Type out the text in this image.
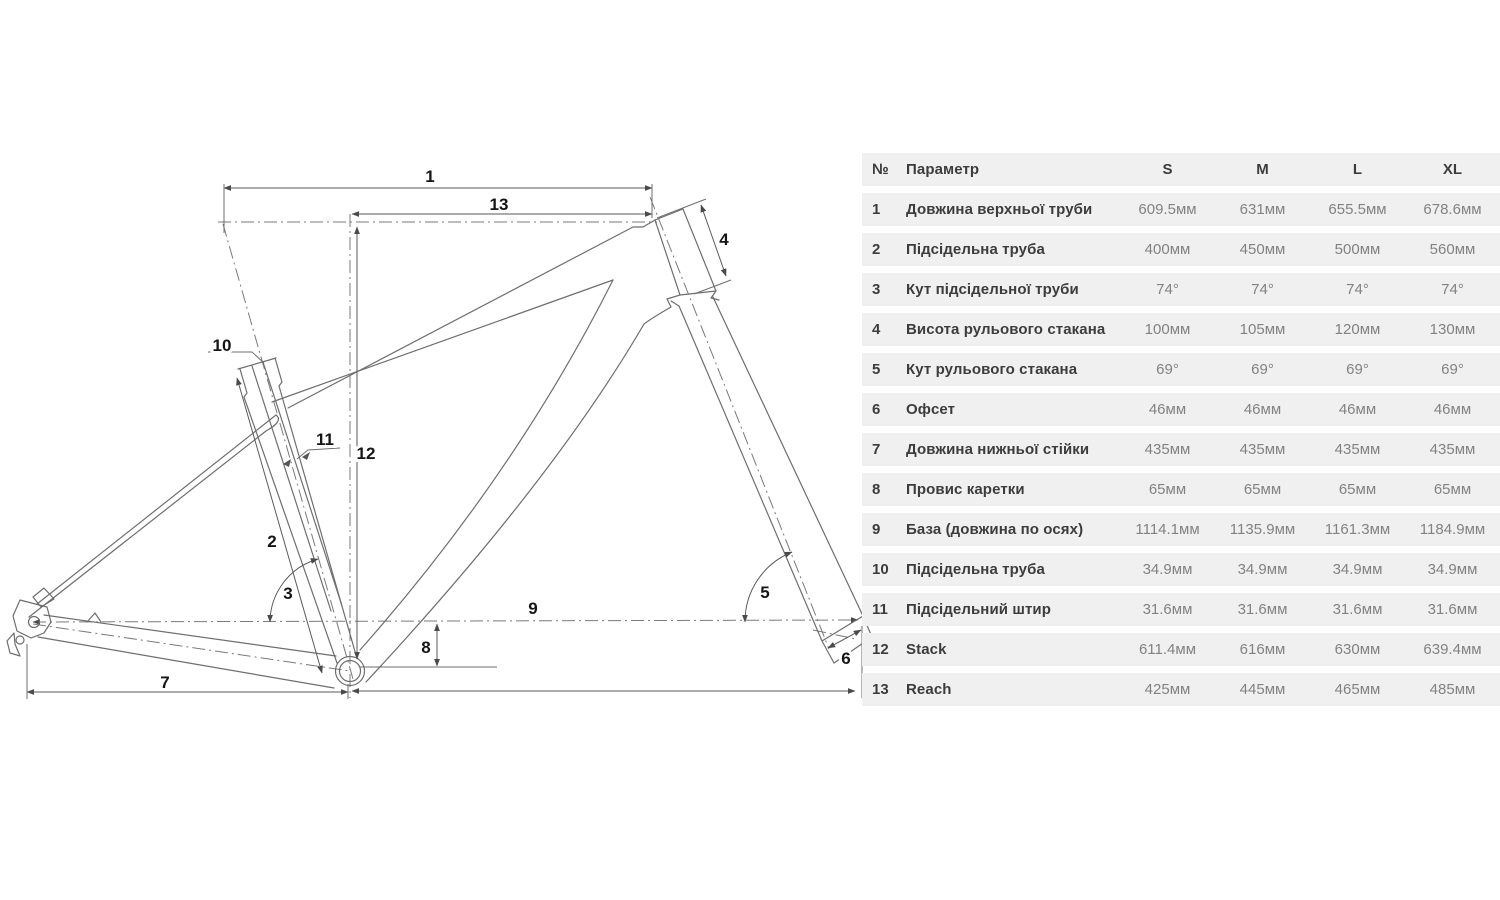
1
13
4
10
11
12
2
3	5
9
8
6
7
№	Параметр	S	M	L	XL
1	Довжина верхньої труби	609.5мм	631мм	655.5мм	678.6мм
2	Підсідельна труба	400мм	450мм	500мм	560мм
3	Кут підсідельної труби	74°	74°	74°	74°
4	Висота рульового стакана	100мм	105мм	120мм	130мм
5	Кут рульового стакана	69°	69°	69°	69°
6	Офсет	46мм	46мм	46мм	46мм
7	Довжина нижньої стійки	435мм	435мм	435мм	435мм
8	Провис каретки	65мм	65мм	65мм	65мм
9	База (довжина по осях)	1114.1мм	1135.9мм	1161.3мм	1184.9мм
10	Підсідельна труба	34.9мм	34.9мм	34.9мм	34.9мм
11	Підсідельний штир	31.6мм	31.6мм	31.6мм	31.6мм
12	Stack	611.4мм	616мм	630мм	639.4мм
13	Reach	425мм	445мм	465мм	485мм
